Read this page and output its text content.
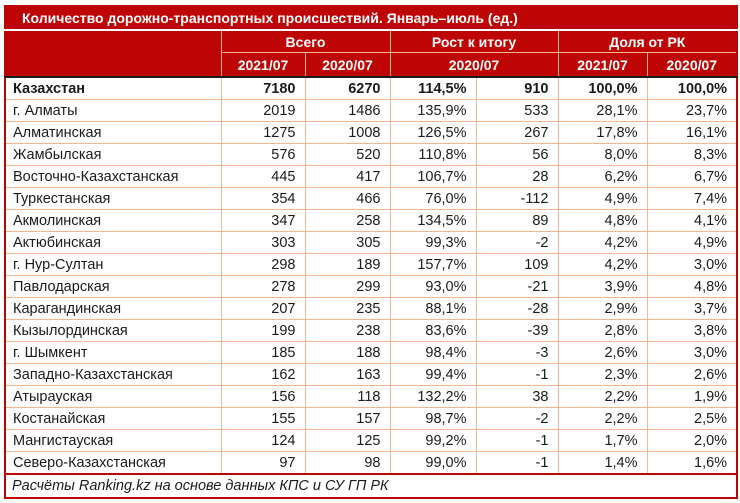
Количество дорожно-транспортных происшествий. Январь–июль (ед.)						
	Всего		Рост к итогу		Доля от РК	
	2021/07	2020/07	2020/07		2021/07	2020/07
Казахстан	7180	6270	114,5%	910	100,0%	100,0%
г. Алматы	2019	1486	135,9%	533	28,1%	23,7%
Алматинская	1275	1008	126,5%	267	17,8%	16,1%
Жамбылская	576	520	110,8%	56	8,0%	8,3%
Восточно-Казахстанская	445	417	106,7%	28	6,2%	6,7%
Туркестанская	354	466	76,0%	-112	4,9%	7,4%
Акмолинская	347	258	134,5%	89	4,8%	4,1%
Актюбинская	303	305	99,3%	-2	4,2%	4,9%
г. Нур-Султан	298	189	157,7%	109	4,2%	3,0%
Павлодарская	278	299	93,0%	-21	3,9%	4,8%
Карагандинская	207	235	88,1%	-28	2,9%	3,7%
Кызылординская	199	238	83,6%	-39	2,8%	3,8%
г. Шымкент	185	188	98,4%	-3	2,6%	3,0%
Западно-Казахстанская	162	163	99,4%	-1	2,3%	2,6%
Атырауская	156	118	132,2%	38	2,2%	1,9%
Костанайская	155	157	98,7%	-2	2,2%	2,5%
Мангистауская	124	125	99,2%	-1	1,7%	2,0%
Северо-Казахстанская	97	98	99,0%	-1	1,4%	1,6%
Расчёты Ranking.kz на основе данных КПС и СУ ГП РК						
